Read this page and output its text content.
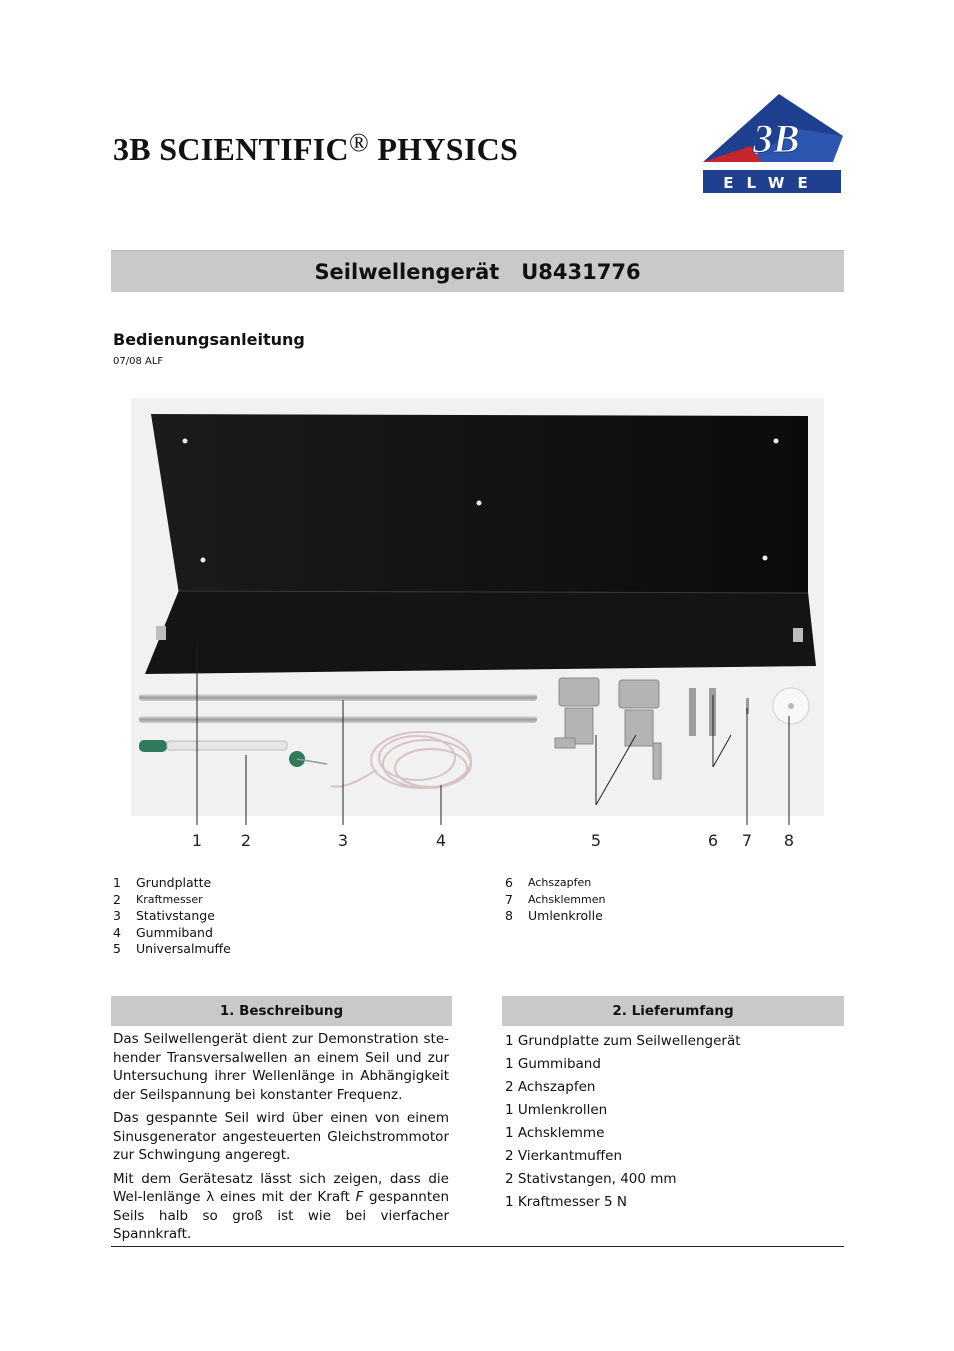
3B SCIENTIFIC® PHYSICS	3B
ELWE
Seilwellengerät
U8431776
Bedienungsanleitung
07/08 ALF
1 2	3	4	5	6 7 8
1	Grundplatte
2	Kraftmesser
3	Stativstange
4	Gummiband
5	Universalmuffe
6	Achszapfen
7	Achsklemmen
8	Umlenkrolle
1. Beschreibung

Das Seilwellengerät dient zur Demonstration ste-hender Transversalwellen an einem Seil und zur Untersuchung ihrer Wellenlänge in Abhängigkeit der Seilspannung bei konstanter Frequenz.

Das gespannte Seil wird über einen von einem Sinusgenerator angesteuerten Gleichstrommotor zur Schwingung angeregt.

Mit dem Gerätesatz lässt sich zeigen, dass die Wel-lenlänge λ eines mit der Kraft F gespannten Seils halb so groß ist wie bei vierfacher Spannkraft.

2. Lieferumfang
1 Grundplatte zum Seilwellengerät
1 Gummiband
2 Achszapfen
1 Umlenkrollen
1 Achsklemme
2 Vierkantmuffen
2 Stativstangen, 400 mm
1 Kraftmesser 5 N
